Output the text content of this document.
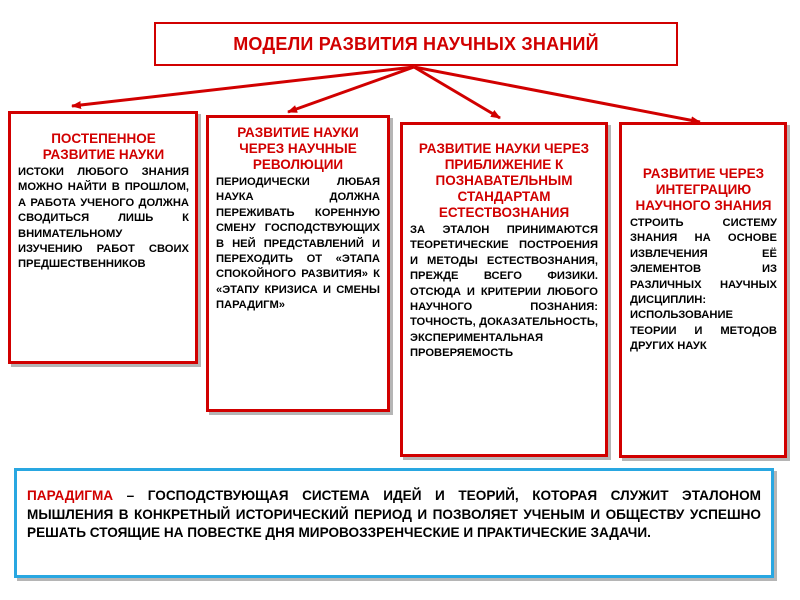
МОДЕЛИ РАЗВИТИЯ НАУЧНЫХ ЗНАНИЙ
ПОСТЕПЕННОЕ РАЗВИТИЕ НАУКИ
ИСТОКИ ЛЮБОГО ЗНАНИЯ МОЖНО НАЙТИ В ПРОШЛОМ, А РАБОТА УЧЕНОГО ДОЛЖНА СВОДИТЬСЯ ЛИШЬ К ВНИМАТЕЛЬНОМУ ИЗУЧЕНИЮ РАБОТ СВОИХ ПРЕДШЕСТВЕННИКОВ
РАЗВИТИЕ НАУКИ ЧЕРЕЗ НАУЧНЫЕ РЕВОЛЮЦИИ
ПЕРИОДИЧЕСКИ ЛЮБАЯ НАУКА ДОЛЖНА ПЕРЕЖИВАТЬ КОРЕННУЮ СМЕНУ ГОСПОДСТВУЮЩИХ В НЕЙ ПРЕДСТАВЛЕНИЙ И ПЕРЕХОДИТЬ ОТ «ЭТАПА СПОКОЙНОГО РАЗВИТИЯ» К «ЭТАПУ КРИЗИСА И СМЕНЫ ПАРАДИГМ»
РАЗВИТИЕ НАУКИ ЧЕРЕЗ ПРИБЛИЖЕНИЕ К ПОЗНАВАТЕЛЬНЫМ СТАНДАРТАМ ЕСТЕСТВОЗНАНИЯ
ЗА ЭТАЛОН ПРИНИМАЮТСЯ ТЕОРЕТИЧЕСКИЕ ПОСТРОЕНИЯ И МЕТОДЫ ЕСТЕСТВОЗНАНИЯ, ПРЕЖДЕ ВСЕГО ФИЗИКИ. ОТСЮДА И КРИТЕРИИ ЛЮБОГО НАУЧНОГО ПОЗНАНИЯ: ТОЧНОСТЬ, ДОКАЗАТЕЛЬНОСТЬ, ЭКСПЕРИМЕНТАЛЬНАЯ ПРОВЕРЯЕМОСТЬ
РАЗВИТИЕ ЧЕРЕЗ ИНТЕГРАЦИЮ НАУЧНОГО ЗНАНИЯ
СТРОИТЬ СИСТЕМУ ЗНАНИЯ НА ОСНОВЕ ИЗВЛЕЧЕНИЯ ЕЁ ЭЛЕМЕНТОВ ИЗ РАЗЛИЧНЫХ НАУЧНЫХ ДИСЦИПЛИН: ИСПОЛЬЗОВАНИЕ ТЕОРИИ И МЕТОДОВ ДРУГИХ НАУК
ПАРАДИГМА – ГОСПОДСТВУЮЩАЯ СИСТЕМА ИДЕЙ И ТЕОРИЙ, КОТОРАЯ СЛУЖИТ ЭТАЛОНОМ МЫШЛЕНИЯ В КОНКРЕТНЫЙ ИСТОРИЧЕСКИЙ ПЕРИОД И ПОЗВОЛЯЕТ УЧЕНЫМ И ОБЩЕСТВУ УСПЕШНО РЕШАТЬ СТОЯЩИЕ НА ПОВЕСТКЕ ДНЯ МИРОВОЗЗРЕНЧЕСКИЕ И ПРАКТИЧЕСКИЕ ЗАДАЧИ.
